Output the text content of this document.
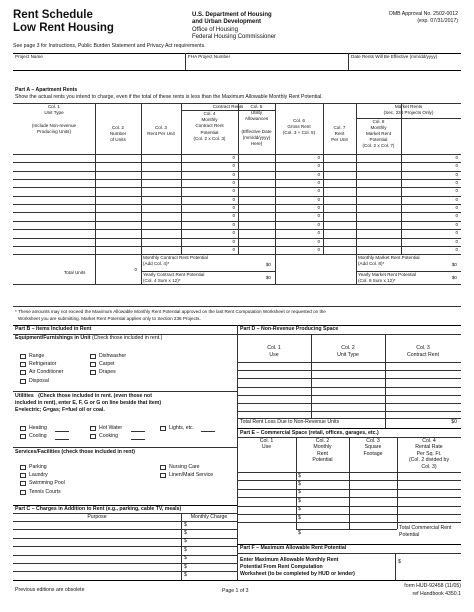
Rent Schedule
Low Rent Housing
U.S. Department of Housing
and Urban Development
Office of Housing
Federal Housing Commissioner
OMB Approval No. 2502-0012
(exp. 07/31/2017)
See page 3 for Instructions, Public Burden Statement and Privacy Act requirements.
Project Name	FHA Project Number	Date Rents Will Be Effective (mm/dd/yyyy)
Part A – Apartment Rents
Show the actual rents you intend to charge, even if the total of these rents is less than the Maximum Allowable Monthly Rent Potential.
* These amounts may not exceed the Maximum Allowable Monthly Rent Potential approved on the last Rent Computation Worksheet or requested on the
Worksheet you are submitting. Market Rent Potential applies only to Section 236 Projects.
Part B – Items Included in Rent
Equipment/Furnishings in Unit (Check those included in rent.)
Utilities (Check those included in rent. (even those not
included in rent), enter E, F, G or G on line beside that item)
E=electric; G=gas; F=fuel oil or coal.
Services/Facilities (check those included in rent)
Part C – Charges in Addition to Rent (e.g., parking, cable TV, meals)
Purpose	Monthly Charge
Part D – Non-Revenue Producing Space
Part E – Commercial Space (retail, offices, garages, etc.)
Part F – Maximum Allowable Rent Potential
Enter Maximum Allowable Monthly Rent
Potential From Rent Computation
Worksheet (to be completed by HUD or lender)
$
Previous editions are obsolete	Page 1 of 3
form HUD-92458 (11/05)
ref Handbook 4350.1
Contract Rents	Market Rents
(Sec. 236 Projects Only)
Col. 1
Unit Type
(Include Non-revenue
Producing Units)
Col. 2
Number
of Units
Col. 3
Rent Per Unit
Col. 4
Monthly
Contract Rent
Potential
(Col. 2 x Col. 3)
Col. 5
Utility
Allowances
(Effective Date
(mm/dd/yyyy)
Here)
Col. 6
Gross Rent
(Col. 3 + Col. 5)
Col. 7
Rent
Per Unit
Col. 8
Monthly
Market Rent
Potential
(Col. 2 x Col. 7)
0	0	0
0	0	0
0	0	0
0	0	0
0	0	0
0	0	0
0	0	0
0	0	0
0	0	0
0	0	0
0	0	0
0	0	0
Total Units
0
Monthly Contract Rent Potential
(Add Col. 4)*	$0
Monthly Market Rent Potential
(Add Col. 8)*	$0
Yearly Contract Rent Potential
(Col. 4 Sum x 12)*
$0
Yearly Market Rent Potential
(Col. 8 Sum x 12)*
$0
Range
Refrigerator
Air Conditioner
Disposal
Dishwasher
Carpet
Drapes
Heating
Cooling
Hot Water
Cooking
Lights, etc.
Parking
Laundry
Swimming Pool
Tennis Courts
Nursing Care
Linen/Maid Service
$
$
$
$
$
$
$
Col. 1
Use
Col. 2
Unit Type
Col. 3
Contract Rent
Total Rent Loss Due to Non-Revenue Units	$0
Col. 1
Use
Col. 2
Monthly
Rent
Potential
Col. 3
Square
Footage
Col. 4
Rental Rate
Per Sq. Ft.
(Col. 2 divided by
Col. 3)
$
$
$
$
$
$
Total Commercial Rent
Potential
$
